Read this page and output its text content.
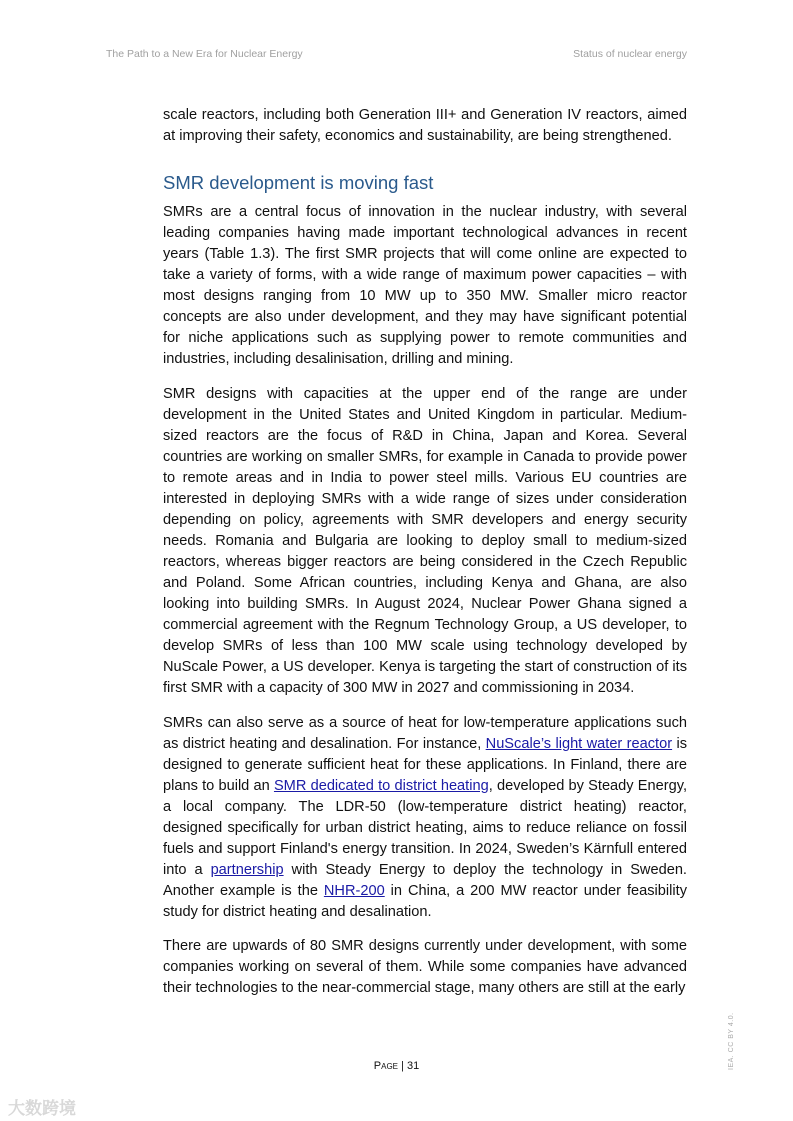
The Path to a New Era for Nuclear Energy	Status of nuclear energy

scale reactors, including both Generation III+ and Generation IV reactors, aimed at improving their safety, economics and sustainability, are being strengthened.

SMR development is moving fast

SMRs are a central focus of innovation in the nuclear industry, with several leading companies having made important technological advances in recent years (Table 1.3). The first SMR projects that will come online are expected to take a variety of forms, with a wide range of maximum power capacities – with most designs ranging from 10 MW up to 350 MW. Smaller micro reactor concepts are also under development, and they may have significant potential for niche applications such as supplying power to remote communities and industries, including desalinisation, drilling and mining.

SMR designs with capacities at the upper end of the range are under development in the United States and United Kingdom in particular. Medium-sized reactors are the focus of R&D in China, Japan and Korea. Several countries are working on smaller SMRs, for example in Canada to provide power to remote areas and in India to power steel mills. Various EU countries are interested in deploying SMRs with a wide range of sizes under consideration depending on policy, agreements with SMR developers and energy security needs. Romania and Bulgaria are looking to deploy small to medium-sized reactors, whereas bigger reactors are being considered in the Czech Republic and Poland. Some African countries, including Kenya and Ghana, are also looking into building SMRs. In August 2024, Nuclear Power Ghana signed a commercial agreement with the Regnum Technology Group, a US developer, to develop SMRs of less than 100 MW scale using technology developed by NuScale Power, a US developer. Kenya is targeting the start of construction of its first SMR with a capacity of 300 MW in 2027 and commissioning in 2034.

SMRs can also serve as a source of heat for low-temperature applications such as district heating and desalination. For instance, NuScale’s light water reactor is designed to generate sufficient heat for these applications. In Finland, there are plans to build an SMR dedicated to district heating, developed by Steady Energy, a local company. The LDR-50 (low-temperature district heating) reactor, designed specifically for urban district heating, aims to reduce reliance on fossil fuels and support Finland's energy transition. In 2024, Sweden’s Kärnfull entered into a partnership with Steady Energy to deploy the technology in Sweden. Another example is the NHR-200 in China, a 200 MW reactor under feasibility study for district heating and desalination.

There are upwards of 80 SMR designs currently under development, with some companies working on several of them. While some companies have advanced their technologies to the near-commercial stage, many others are still at the early

Page | 31	IEA. CC BY 4.0.
大数跨境
